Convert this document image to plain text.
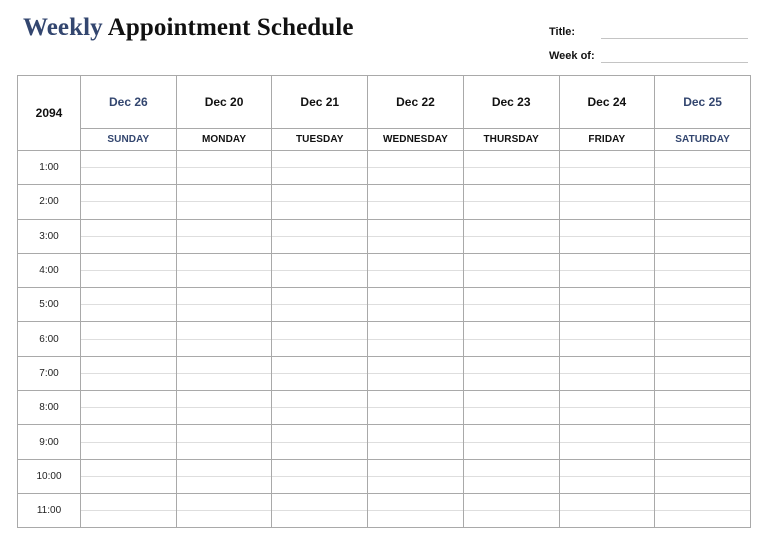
Weekly Appointment Schedule	Title:
Week of:
2094	Dec 26	Dec 20	Dec 21	Dec 22	Dec 23	Dec 24	Dec 25
	SUNDAY	MONDAY	TUESDAY	WEDNESDAY	THURSDAY	FRIDAY	SATURDAY
1:00							
2:00							
3:00							
4:00							
5:00							
6:00							
7:00							
8:00							
9:00							
10:00							
11:00							
